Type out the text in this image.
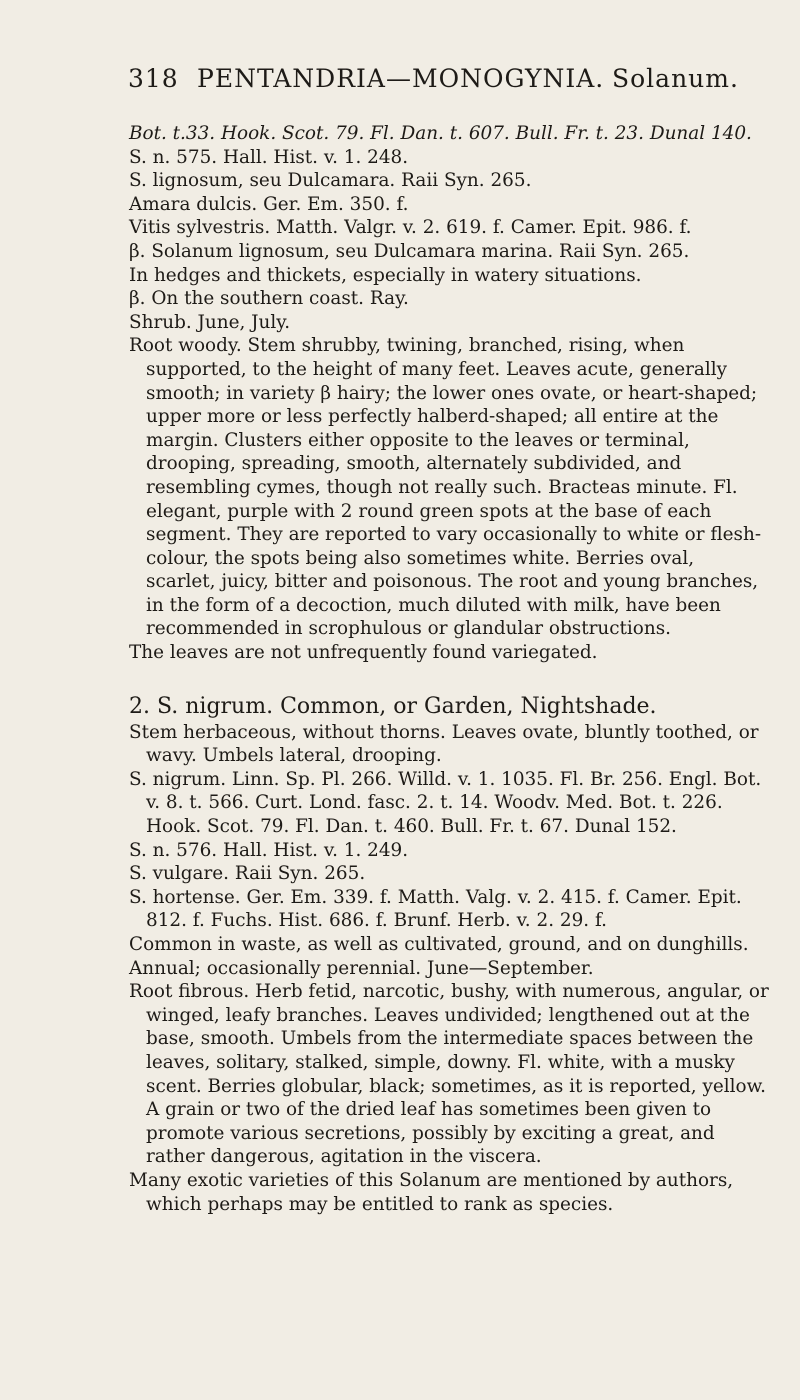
318 PENTANDRIA—MONOGYNIA. Solanum.

Bot. t.33. Hook. Scot. 79. Fl. Dan. t. 607. Bull. Fr. t. 23. Dunal 140.

S. n. 575. Hall. Hist. v. 1. 248.

S. lignosum, seu Dulcamara. Raii Syn. 265.

Amara dulcis. Ger. Em. 350. f.

Vitis sylvestris. Matth. Valgr. v. 2. 619. f. Camer. Epit. 986. f.

β. Solanum lignosum, seu Dulcamara marina. Raii Syn. 265.

In hedges and thickets, especially in watery situations.

β. On the southern coast. Ray.

Shrub. June, July.

Root woody. Stem shrubby, twining, branched, rising, when supported, to the height of many feet. Leaves acute, generally smooth; in variety β hairy; the lower ones ovate, or heart-shaped; upper more or less perfectly halberd-shaped; all entire at the margin. Clusters either opposite to the leaves or terminal, drooping, spreading, smooth, alternately subdivided, and resembling cymes, though not really such. Bracteas minute. Fl. elegant, purple with 2 round green spots at the base of each segment. They are reported to vary occasionally to white or flesh-colour, the spots being also sometimes white. Berries oval, scarlet, juicy, bitter and poisonous. The root and young branches, in the form of a decoction, much diluted with milk, have been recommended in scrophulous or glandular obstructions.

The leaves are not unfrequently found variegated.

2. S. nigrum. Common, or Garden, Nightshade.

Stem herbaceous, without thorns. Leaves ovate, bluntly toothed, or wavy. Umbels lateral, drooping.

S. nigrum. Linn. Sp. Pl. 266. Willd. v. 1. 1035. Fl. Br. 256. Engl. Bot. v. 8. t. 566. Curt. Lond. fasc. 2. t. 14. Woodv. Med. Bot. t. 226. Hook. Scot. 79. Fl. Dan. t. 460. Bull. Fr. t. 67. Dunal 152.

S. n. 576. Hall. Hist. v. 1. 249.

S. vulgare. Raii Syn. 265.

S. hortense. Ger. Em. 339. f. Matth. Valg. v. 2. 415. f. Camer. Epit. 812. f. Fuchs. Hist. 686. f. Brunf. Herb. v. 2. 29. f.

Common in waste, as well as cultivated, ground, and on dunghills.

Annual; occasionally perennial. June—September.

Root fibrous. Herb fetid, narcotic, bushy, with numerous, angular, or winged, leafy branches. Leaves undivided; lengthened out at the base, smooth. Umbels from the intermediate spaces between the leaves, solitary, stalked, simple, downy. Fl. white, with a musky scent. Berries globular, black; sometimes, as it is reported, yellow. A grain or two of the dried leaf has sometimes been given to promote various secretions, possibly by exciting a great, and rather dangerous, agitation in the viscera.

Many exotic varieties of this Solanum are mentioned by authors, which perhaps may be entitled to rank as species.
